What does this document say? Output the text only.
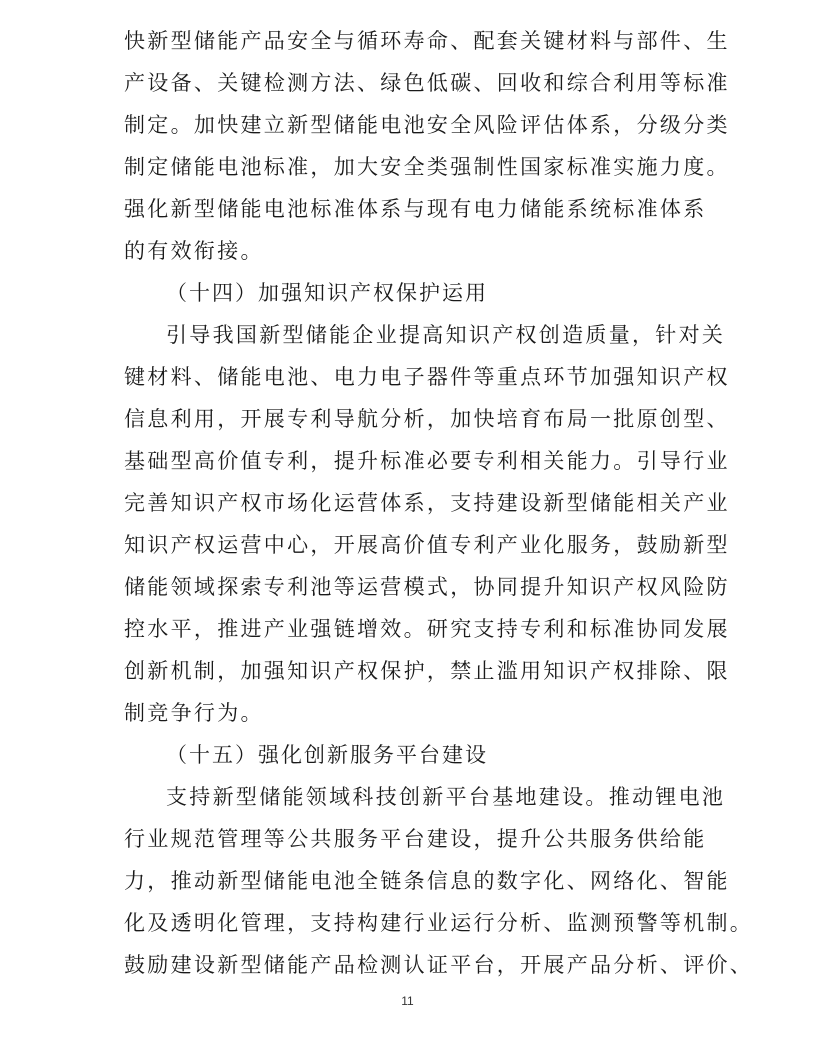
快新型储能产品安全与循环寿命、配套关键材料与部件、生
产设备、关键检测方法、绿色低碳、回收和综合利用等标准
制定。加快建立新型储能电池安全风险评估体系，分级分类
制定储能电池标准，加大安全类强制性国家标准实施力度。
强化新型储能电池标准体系与现有电力储能系统标准体系
的有效衔接。
（十四）加强知识产权保护运用
引导我国新型储能企业提高知识产权创造质量，针对关
键材料、储能电池、电力电子器件等重点环节加强知识产权
信息利用，开展专利导航分析，加快培育布局一批原创型、
基础型高价值专利，提升标准必要专利相关能力。引导行业
完善知识产权市场化运营体系，支持建设新型储能相关产业
知识产权运营中心，开展高价值专利产业化服务，鼓励新型
储能领域探索专利池等运营模式，协同提升知识产权风险防
控水平，推进产业强链增效。研究支持专利和标准协同发展
创新机制，加强知识产权保护，禁止滥用知识产权排除、限
制竞争行为。
（十五）强化创新服务平台建设
支持新型储能领域科技创新平台基地建设。推动锂电池
行业规范管理等公共服务平台建设，提升公共服务供给能
力，推动新型储能电池全链条信息的数字化、网络化、智能
化及透明化管理，支持构建行业运行分析、监测预警等机制。
鼓励建设新型储能产品检测认证平台，开展产品分析、评价、
11
